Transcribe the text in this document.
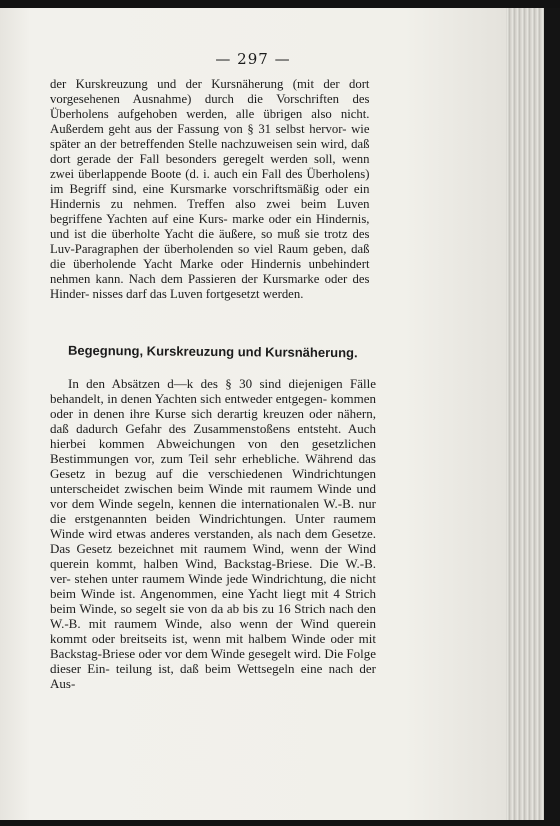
— 297 —

der Kurskreuzung und der Kursnäherung (mit der dort vorgesehenen Ausnahme) durch die Vorschriften des Überholens aufgehoben werden, alle übrigen also nicht. Außerdem geht aus der Fassung von § 31 selbst hervor- wie später an der betreffenden Stelle nachzuweisen sein wird, daß dort gerade der Fall besonders geregelt werden soll, wenn zwei überlappende Boote (d. i. auch ein Fall des Überholens) im Begriff sind, eine Kursmarke vorschriftsmäßig oder ein Hindernis zu nehmen. Treffen also zwei beim Luven begriffene Yachten auf eine Kurs- marke oder ein Hindernis, und ist die überholte Yacht die äußere, so muß sie trotz des Luv-Paragraphen der überholenden so viel Raum geben, daß die überholende Yacht Marke oder Hindernis unbehindert nehmen kann. Nach dem Passieren der Kursmarke oder des Hinder- nisses darf das Luven fortgesetzt werden.

Begegnung, Kurskreuzung und Kursnäherung.

In den Absätzen d—k des § 30 sind diejenigen Fälle behandelt, in denen Yachten sich entweder entgegen- kommen oder in denen ihre Kurse sich derartig kreuzen oder nähern, daß dadurch Gefahr des Zusammenstoßens entsteht. Auch hierbei kommen Abweichungen von den gesetzlichen Bestimmungen vor, zum Teil sehr erhebliche. Während das Gesetz in bezug auf die verschiedenen Windrichtungen unterscheidet zwischen beim Winde mit raumem Winde und vor dem Winde segeln, kennen die internationalen W.-B. nur die erstgenannten beiden Windrichtungen. Unter raumem Winde wird etwas anderes verstanden, als nach dem Gesetze. Das Gesetz bezeichnet mit raumem Wind, wenn der Wind querein kommt, halben Wind, Backstag-Briese. Die W.-B. ver- stehen unter raumem Winde jede Windrichtung, die nicht beim Winde ist. Angenommen, eine Yacht liegt mit 4 Strich beim Winde, so segelt sie von da ab bis zu 16 Strich nach den W.-B. mit raumem Winde, also wenn der Wind querein kommt oder breitseits ist, wenn mit halbem Winde oder mit Backstag-Briese oder vor dem Winde gesegelt wird. Die Folge dieser Ein- teilung ist, daß beim Wettsegeln eine nach der Aus-
